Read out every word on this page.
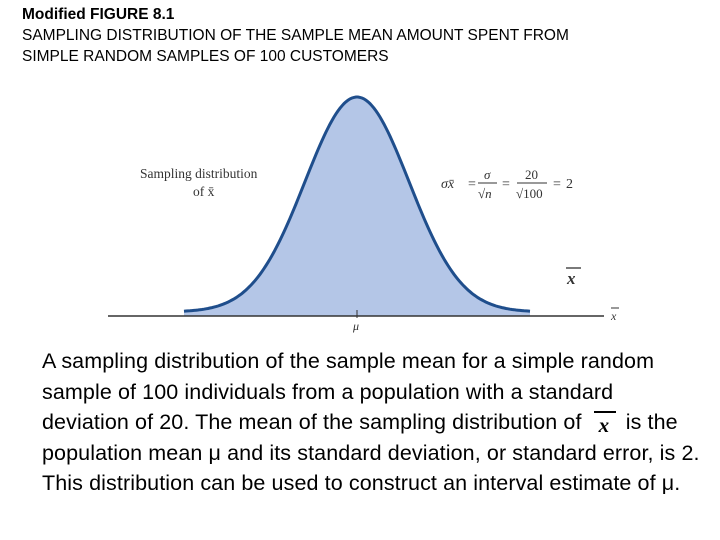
Modified FIGURE 8.1
SAMPLING DISTRIBUTION OF THE SAMPLE MEAN AMOUNT SPENT FROM
SIMPLE RANDOM SAMPLES OF 100 CUSTOMERS
Sampling distribution
of x̄	σx̄ =
σ
√n
=
20
√100
= 2
x
x
μ
A sampling distribution of the sample mean for a simple random sample of 100 individuals from a population with a standard deviation of 20. The mean of the sampling distribution of x is the population mean μ and its standard deviation, or standard error, is 2. This distribution can be used to construct an interval estimate of μ.
